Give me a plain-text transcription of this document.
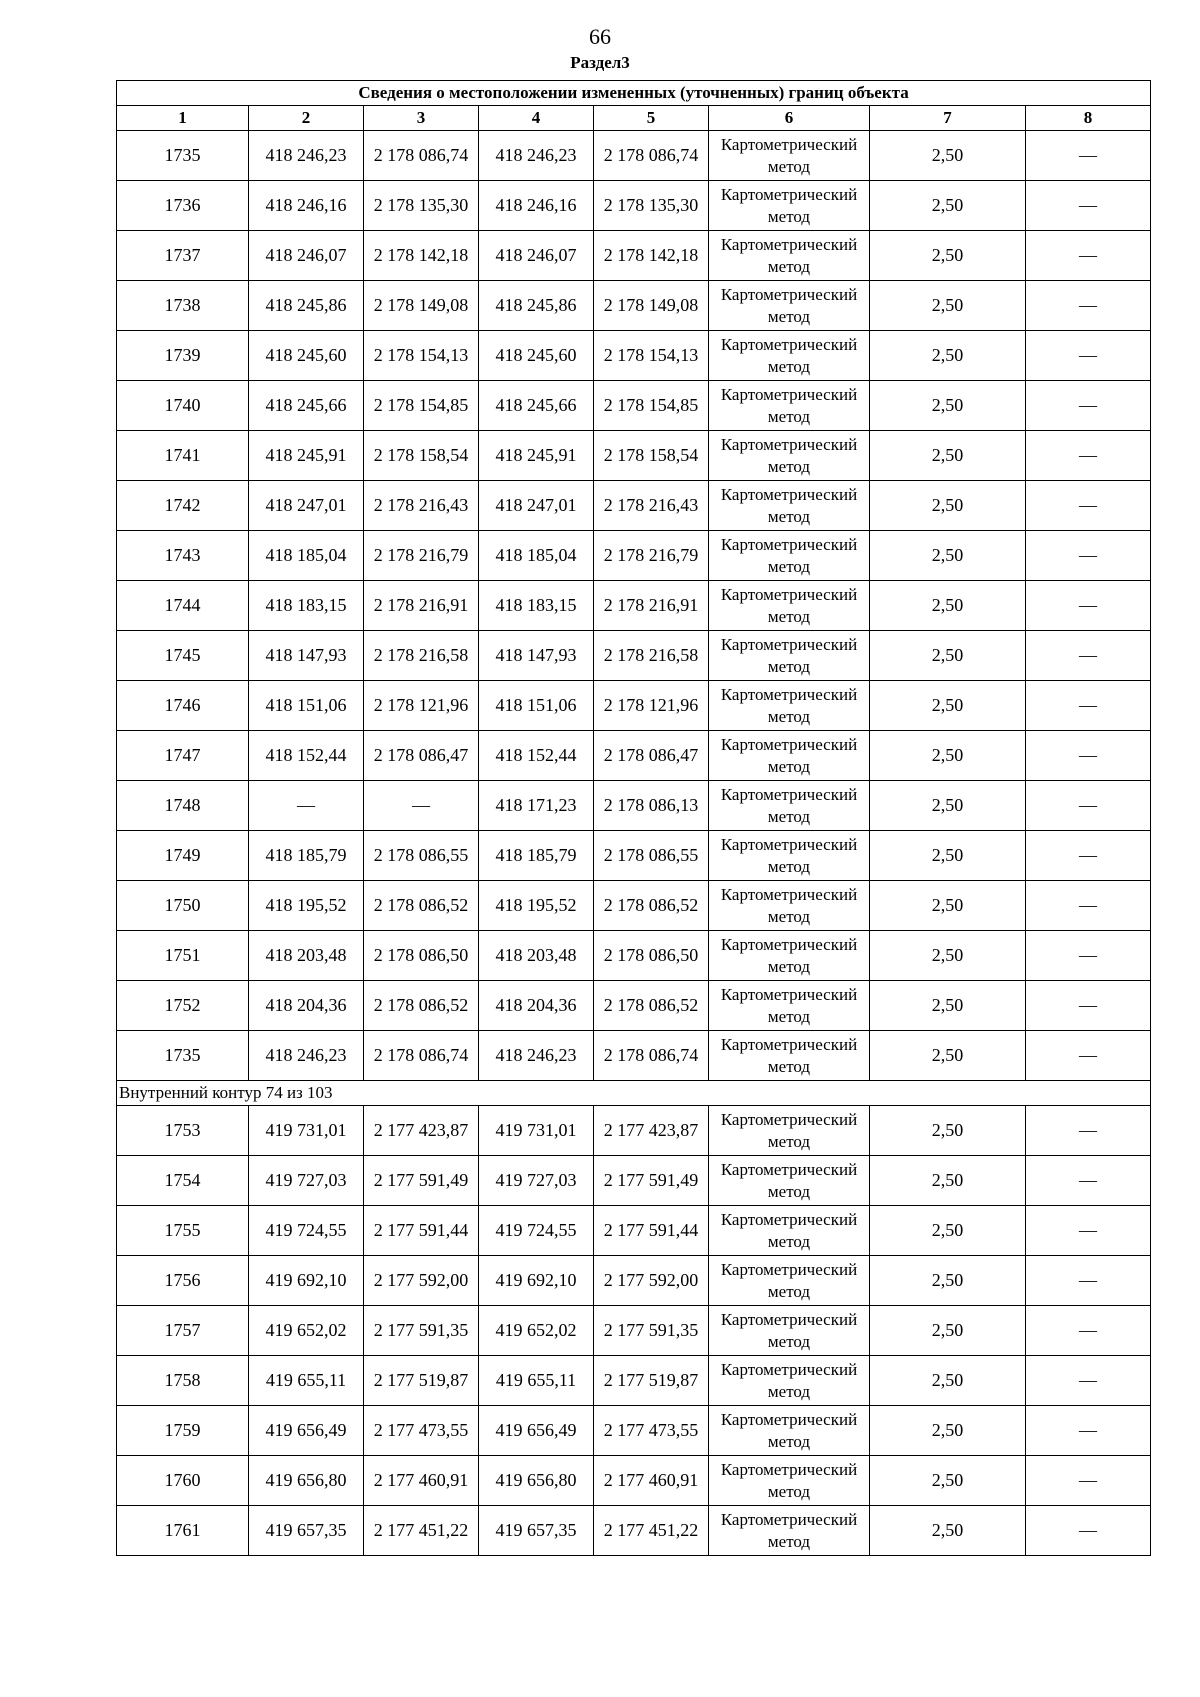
66
Раздел3
Сведения о местоположении измененных (уточненных) границ объекта							
1	2	3	4	5	6	7	8
1735	418 246,23	2 178 086,74	418 246,23	2 178 086,74	Картометрический метод	2,50	—
1736	418 246,16	2 178 135,30	418 246,16	2 178 135,30	Картометрический метод	2,50	—
1737	418 246,07	2 178 142,18	418 246,07	2 178 142,18	Картометрический метод	2,50	—
1738	418 245,86	2 178 149,08	418 245,86	2 178 149,08	Картометрический метод	2,50	—
1739	418 245,60	2 178 154,13	418 245,60	2 178 154,13	Картометрический метод	2,50	—
1740	418 245,66	2 178 154,85	418 245,66	2 178 154,85	Картометрический метод	2,50	—
1741	418 245,91	2 178 158,54	418 245,91	2 178 158,54	Картометрический метод	2,50	—
1742	418 247,01	2 178 216,43	418 247,01	2 178 216,43	Картометрический метод	2,50	—
1743	418 185,04	2 178 216,79	418 185,04	2 178 216,79	Картометрический метод	2,50	—
1744	418 183,15	2 178 216,91	418 183,15	2 178 216,91	Картометрический метод	2,50	—
1745	418 147,93	2 178 216,58	418 147,93	2 178 216,58	Картометрический метод	2,50	—
1746	418 151,06	2 178 121,96	418 151,06	2 178 121,96	Картометрический метод	2,50	—
1747	418 152,44	2 178 086,47	418 152,44	2 178 086,47	Картометрический метод	2,50	—
1748	—	—	418 171,23	2 178 086,13	Картометрический метод	2,50	—
1749	418 185,79	2 178 086,55	418 185,79	2 178 086,55	Картометрический метод	2,50	—
1750	418 195,52	2 178 086,52	418 195,52	2 178 086,52	Картометрический метод	2,50	—
1751	418 203,48	2 178 086,50	418 203,48	2 178 086,50	Картометрический метод	2,50	—
1752	418 204,36	2 178 086,52	418 204,36	2 178 086,52	Картометрический метод	2,50	—
1735	418 246,23	2 178 086,74	418 246,23	2 178 086,74	Картометрический метод	2,50	—
Внутренний контур 74 из 103							
1753	419 731,01	2 177 423,87	419 731,01	2 177 423,87	Картометрический метод	2,50	—
1754	419 727,03	2 177 591,49	419 727,03	2 177 591,49	Картометрический метод	2,50	—
1755	419 724,55	2 177 591,44	419 724,55	2 177 591,44	Картометрический метод	2,50	—
1756	419 692,10	2 177 592,00	419 692,10	2 177 592,00	Картометрический метод	2,50	—
1757	419 652,02	2 177 591,35	419 652,02	2 177 591,35	Картометрический метод	2,50	—
1758	419 655,11	2 177 519,87	419 655,11	2 177 519,87	Картометрический метод	2,50	—
1759	419 656,49	2 177 473,55	419 656,49	2 177 473,55	Картометрический метод	2,50	—
1760	419 656,80	2 177 460,91	419 656,80	2 177 460,91	Картометрический метод	2,50	—
1761	419 657,35	2 177 451,22	419 657,35	2 177 451,22	Картометрический метод	2,50	—
